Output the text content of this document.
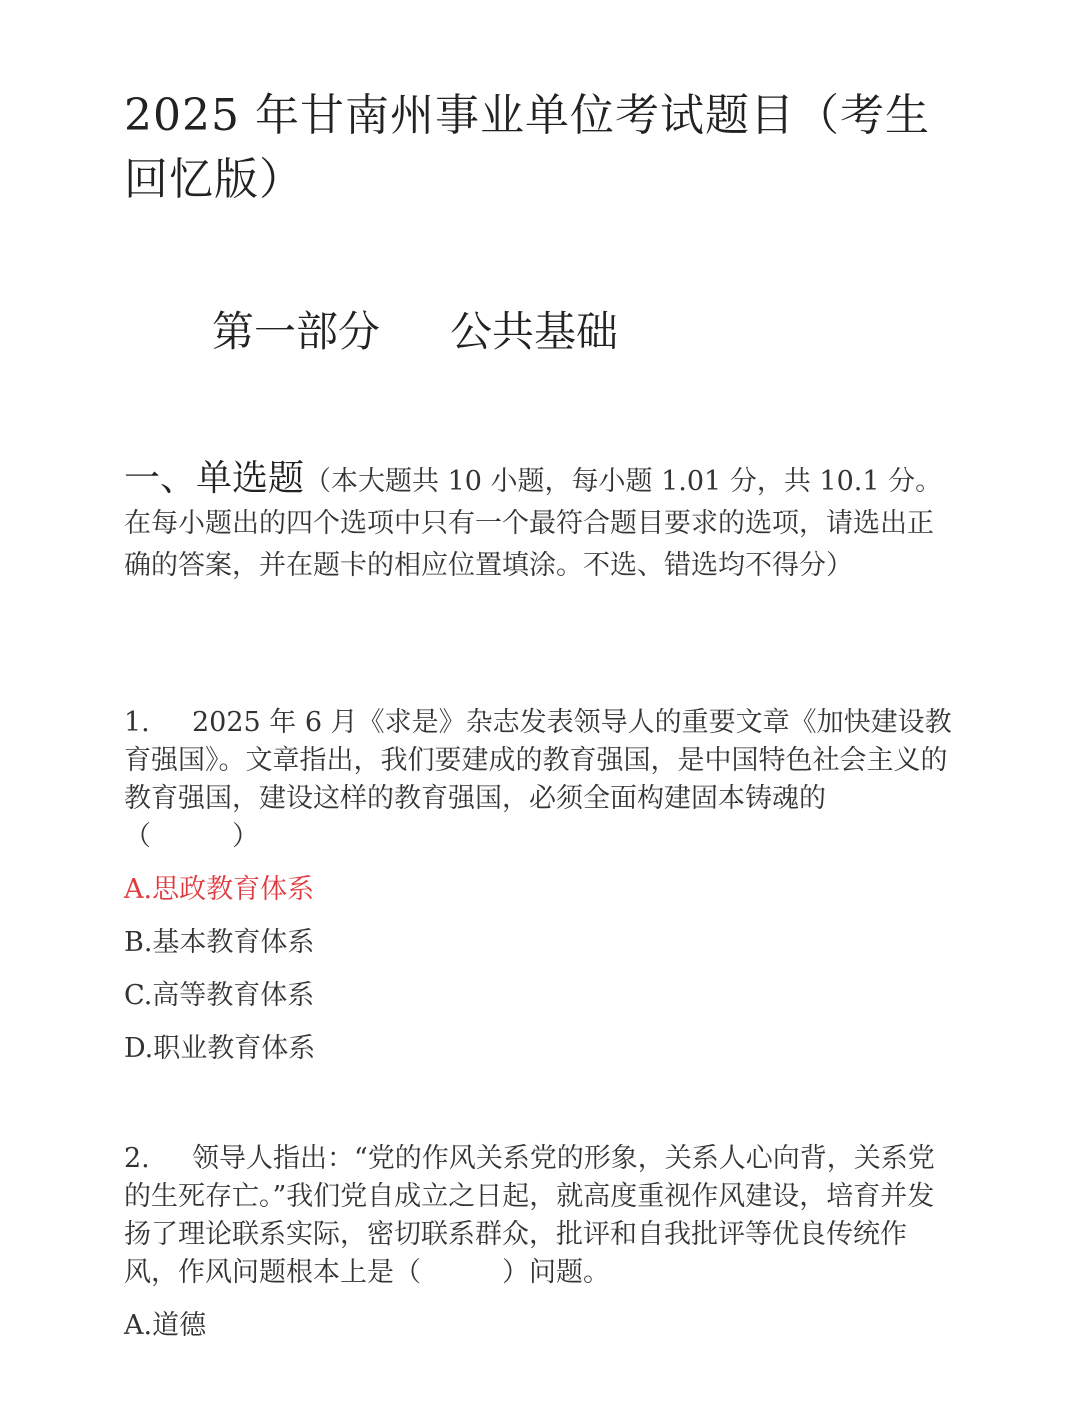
2025 年甘南州事业单位考试题目（考生回忆版）
第一部分 公共基础

一、单选题（本大题共 10 小题，每小题 1.01 分，共 10.1 分。在每小题出的四个选项中只有一个最符合题目要求的选项，请选出正确的答案，并在题卡的相应位置填涂。不选、错选均不得分）

1. 2025 年 6 月《求是》杂志发表领导人的重要文章《加快建设教育强国》。文章指出，我们要建成的教育强国，是中国特色社会主义的教育强国，建设这样的教育强国，必须全面构建固本铸魂的
（　　　）

A.思政教育体系

B.基本教育体系

C.高等教育体系

D.职业教育体系

2. 领导人指出：“党的作风关系党的形象，关系人心向背，关系党的生死存亡。”我们党自成立之日起，就高度重视作风建设，培育并发扬了理论联系实际，密切联系群众，批评和自我批评等优良传统作风，作风问题根本上是（　　　）问题。

A.道德
